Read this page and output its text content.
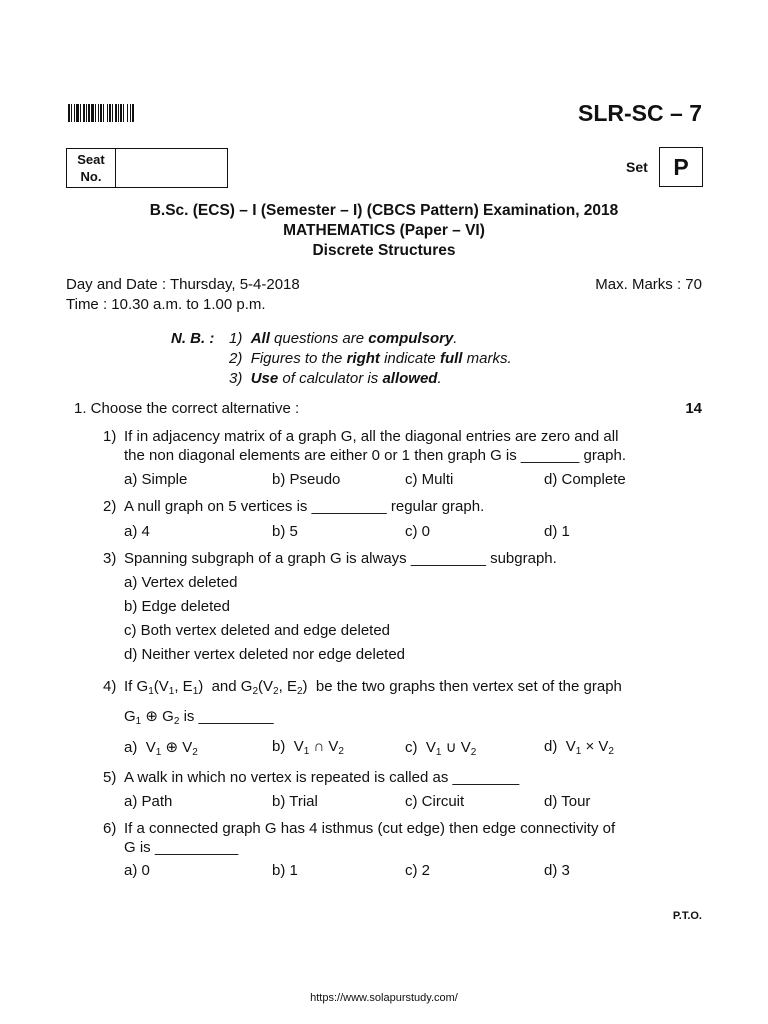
SLR-SC – 7
Seat
No.
Set	P
B.Sc. (ECS) – I (Semester – I) (CBCS Pattern) Examination, 2018
MATHEMATICS (Paper – VI)
Discrete Structures
Day and Date : Thursday, 5-4-2018	Max. Marks : 70
Time : 10.30 a.m. to 1.00 p.m.
N. B. : 1) All questions are compulsory.
2) Figures to the right indicate full marks.
3) Use of calculator is allowed.
1. Choose the correct alternative :	14
1) If in adjacency matrix of a graph G, all the diagonal entries are zero and all
the non diagonal elements are either 0 or 1 then graph G is _______ graph.
a) Simple	b) Pseudo	c) Multi	d) Complete
2) A null graph on 5 vertices is _________ regular graph.
a) 4	b) 5	c) 0	d) 1
3) Spanning subgraph of a graph G is always _________ subgraph.
a) Vertex deleted
b) Edge deleted
c) Both vertex deleted and edge deleted
d) Neither vertex deleted nor edge deleted
4) If $G_1(V_1$, $E_1$) and $G_2(V_2$, $E_2$) be the two graphs then vertex set of the graph
$G_1$ ⊕ $G_2$ is _________
a) $V_1$ ⊕ $V_2$	b) $V_1$ ∩ $V_2$	c) $V_1$ ∪ $V_2$	d) $V_1 \times V_2$
5) A walk in which no vertex is repeated is called as ________
a) Path	b) Trial	c) Circuit	d) Tour
6) If a connected graph G has 4 isthmus (cut edge) then edge connectivity of
G is __________
a) 0	b) 1	c) 2	d) 3
P.T.O.
https://www.solapurstudy.com/
